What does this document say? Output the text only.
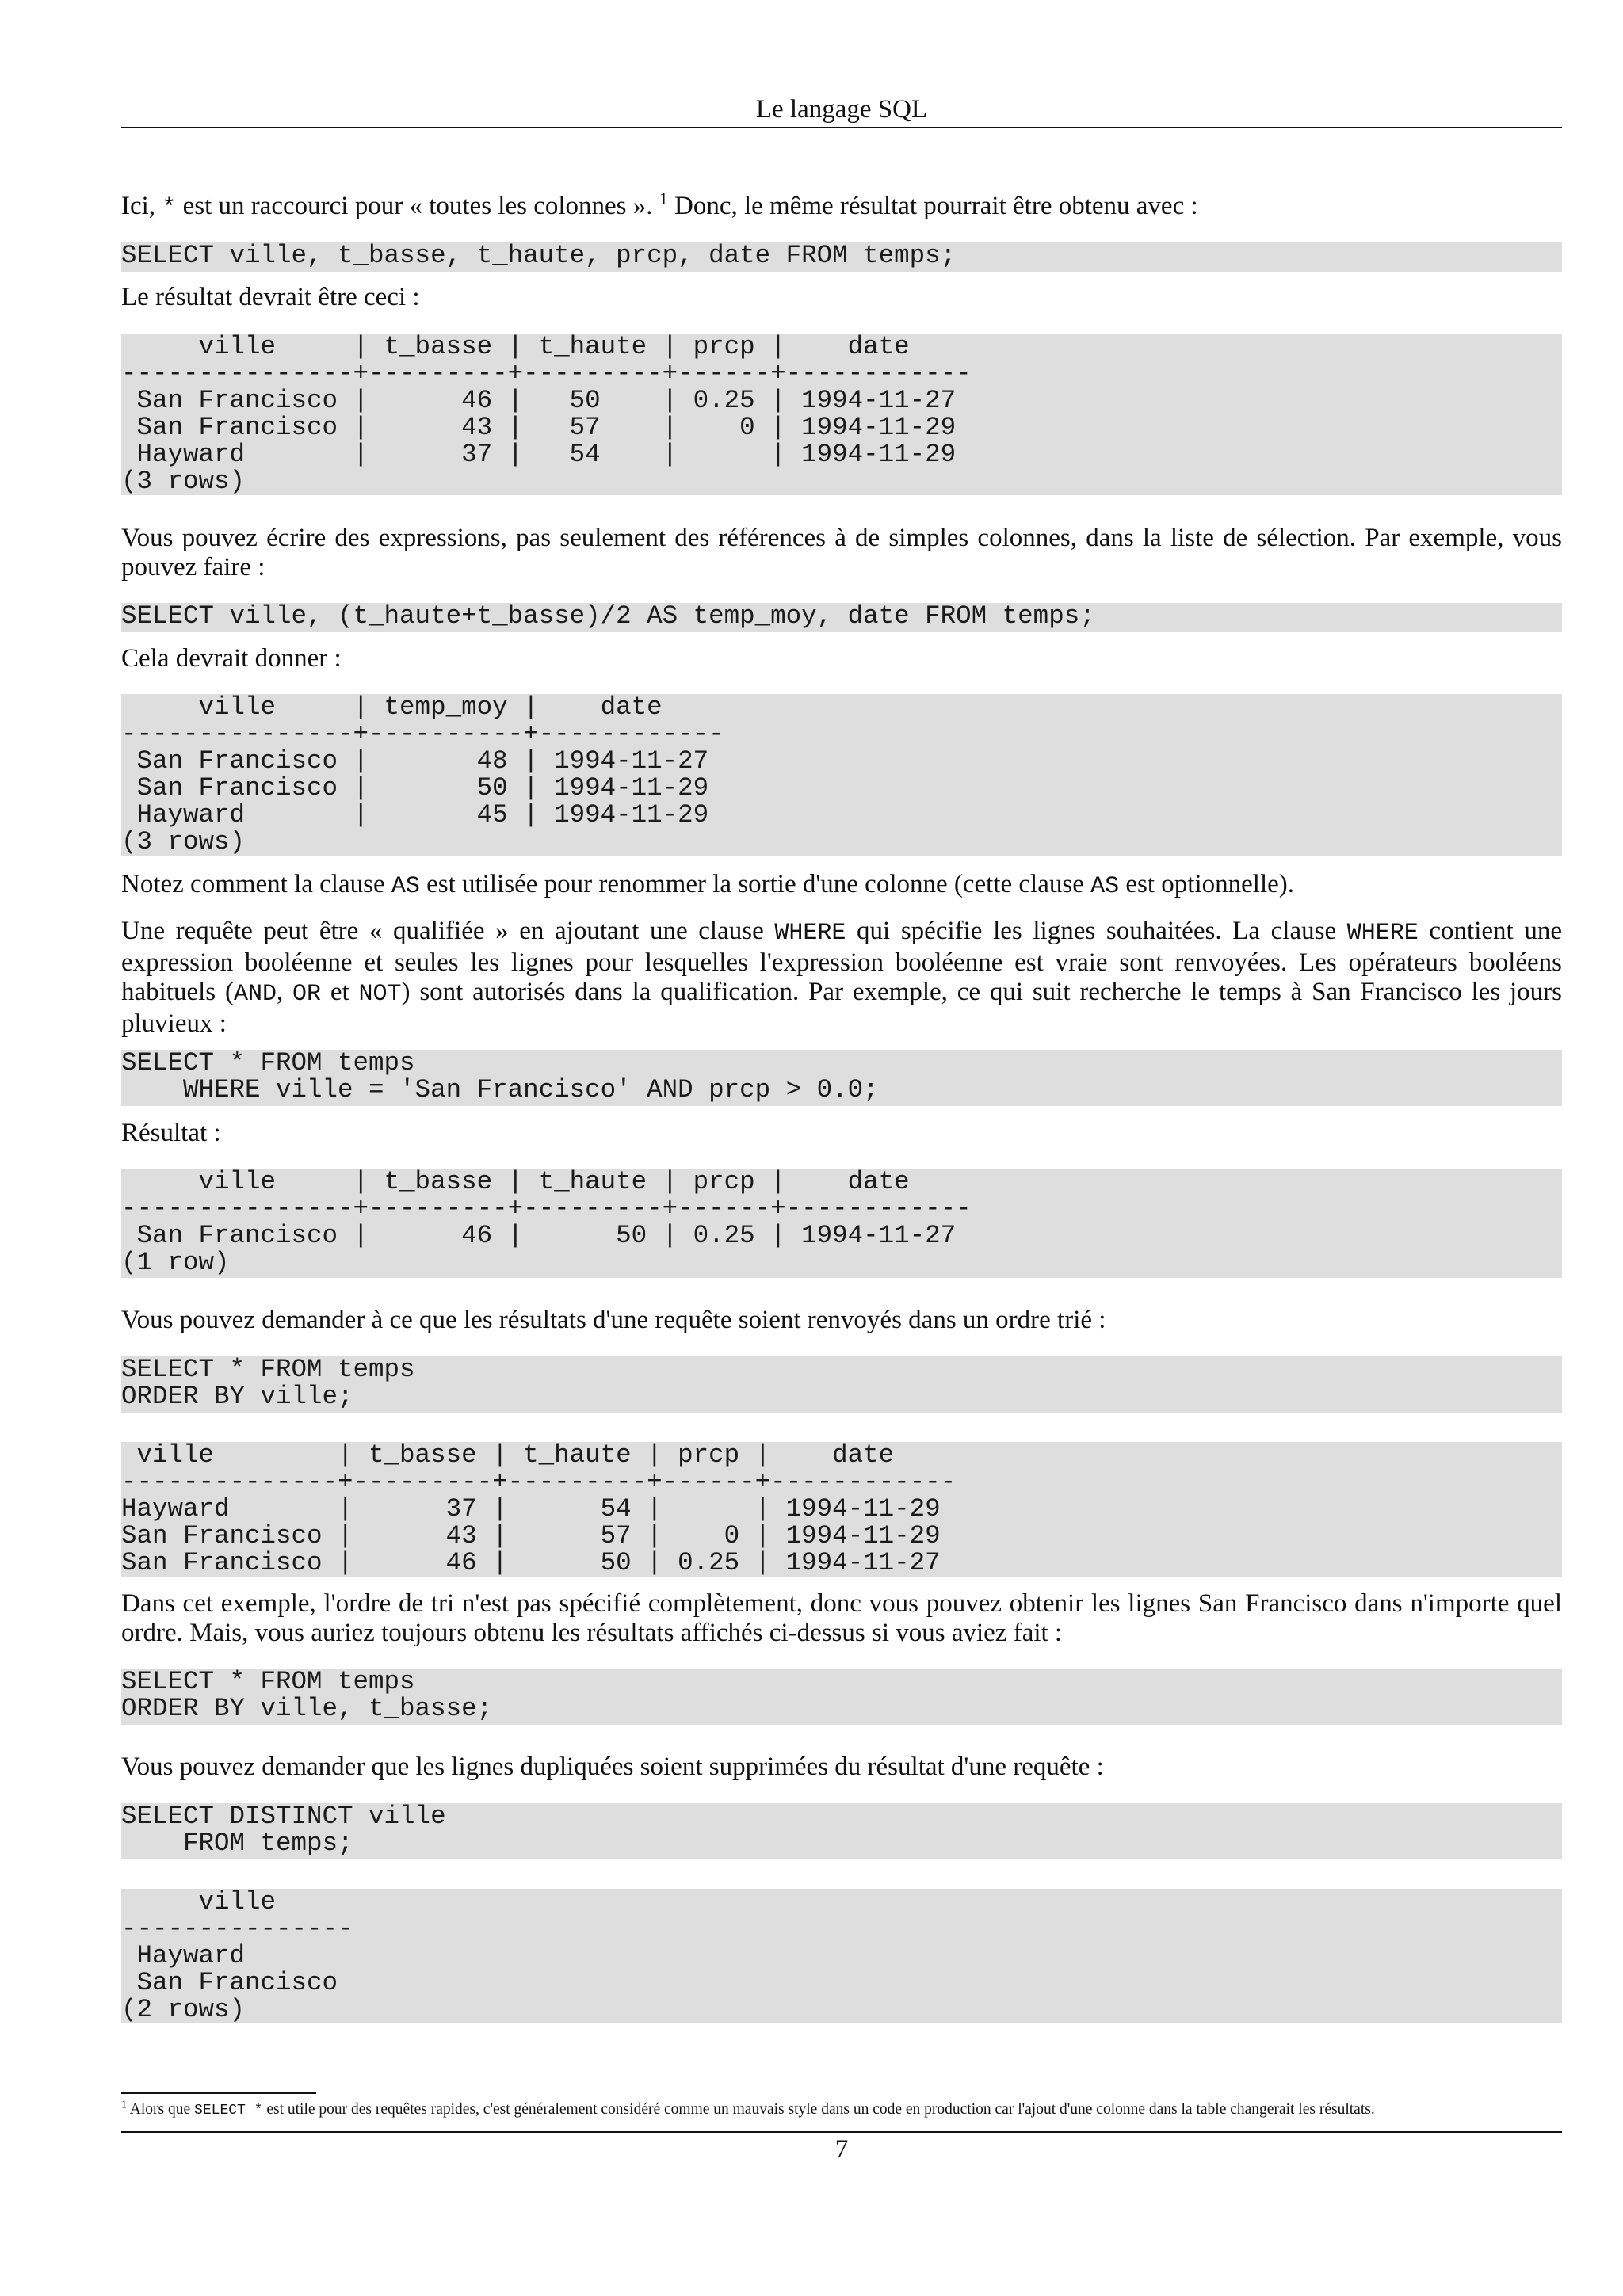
Le langage SQL

Ici, * est un raccourci pour « toutes les colonnes ». $^1$ Donc, le même résultat pourrait être obtenu avec :

SELECT ville, t_basse, t_haute, prcp, date FROM temps;

Le résultat devrait être ceci :

ville     | t_basse | t_haute | prcp |    date
---------------+---------+---------+------+------------
San Francisco |      46 |   50    | 0.25 | 1994-11-27
San Francisco |      43 |   57    |    0 | 1994-11-29
Hayward       |      37 |   54    |      | 1994-11-29
(3 rows)

Vous pouvez écrire des expressions, pas seulement des références à de simples colonnes, dans la liste de sélection. Par exemple, vous pouvez faire :

SELECT ville, (t_haute+t_basse)/2 AS temp_moy, date FROM temps;

Cela devrait donner :

ville     | temp_moy |    date
---------------+----------+------------
San Francisco |       48 | 1994-11-27
San Francisco |       50 | 1994-11-29
Hayward       |       45 | 1994-11-29
(3 rows)

Notez comment la clause AS est utilisée pour renommer la sortie d'une colonne (cette clause AS est optionnelle).

Une requête peut être « qualifiée » en ajoutant une clause WHERE qui spécifie les lignes souhaitées. La clause WHERE contient une expression booléenne et seules les lignes pour lesquelles l'expression booléenne est vraie sont renvoyées. Les opérateurs booléens habituels (AND, OR et NOT) sont autorisés dans la qualification. Par exemple, ce qui suit recherche le temps à San Francisco les jours pluvieux :

SELECT * FROM temps
WHERE ville = 'San Francisco' AND prcp > 0.0;

Résultat :

ville     | t_basse | t_haute | prcp |    date
---------------+---------+---------+------+------------
San Francisco |      46 |      50 | 0.25 | 1994-11-27
(1 row)

Vous pouvez demander à ce que les résultats d'une requête soient renvoyés dans un ordre trié :

SELECT * FROM temps
ORDER BY ville;
ville        | t_basse | t_haute | prcp |    date
--------------+---------+---------+------+------------
Hayward       |      37 |      54 |      | 1994-11-29
San Francisco |      43 |      57 |    0 | 1994-11-29
San Francisco |      46 |      50 | 0.25 | 1994-11-27

Dans cet exemple, l'ordre de tri n'est pas spécifié complètement, donc vous pouvez obtenir les lignes San Francisco dans n'importe quel ordre. Mais, vous auriez toujours obtenu les résultats affichés ci-dessus si vous aviez fait :

SELECT * FROM temps
ORDER BY ville, t_basse;

Vous pouvez demander que les lignes dupliquées soient supprimées du résultat d'une requête :

SELECT DISTINCT ville
FROM temps;
ville
---------------
Hayward
San Francisco
(2 rows)
$^1$ Alors que SELECT * est utile pour des requêtes rapides, c'est généralement considéré comme un mauvais style dans un code en production car l'ajout d'une colonne dans la table changerait les résultats.
7
